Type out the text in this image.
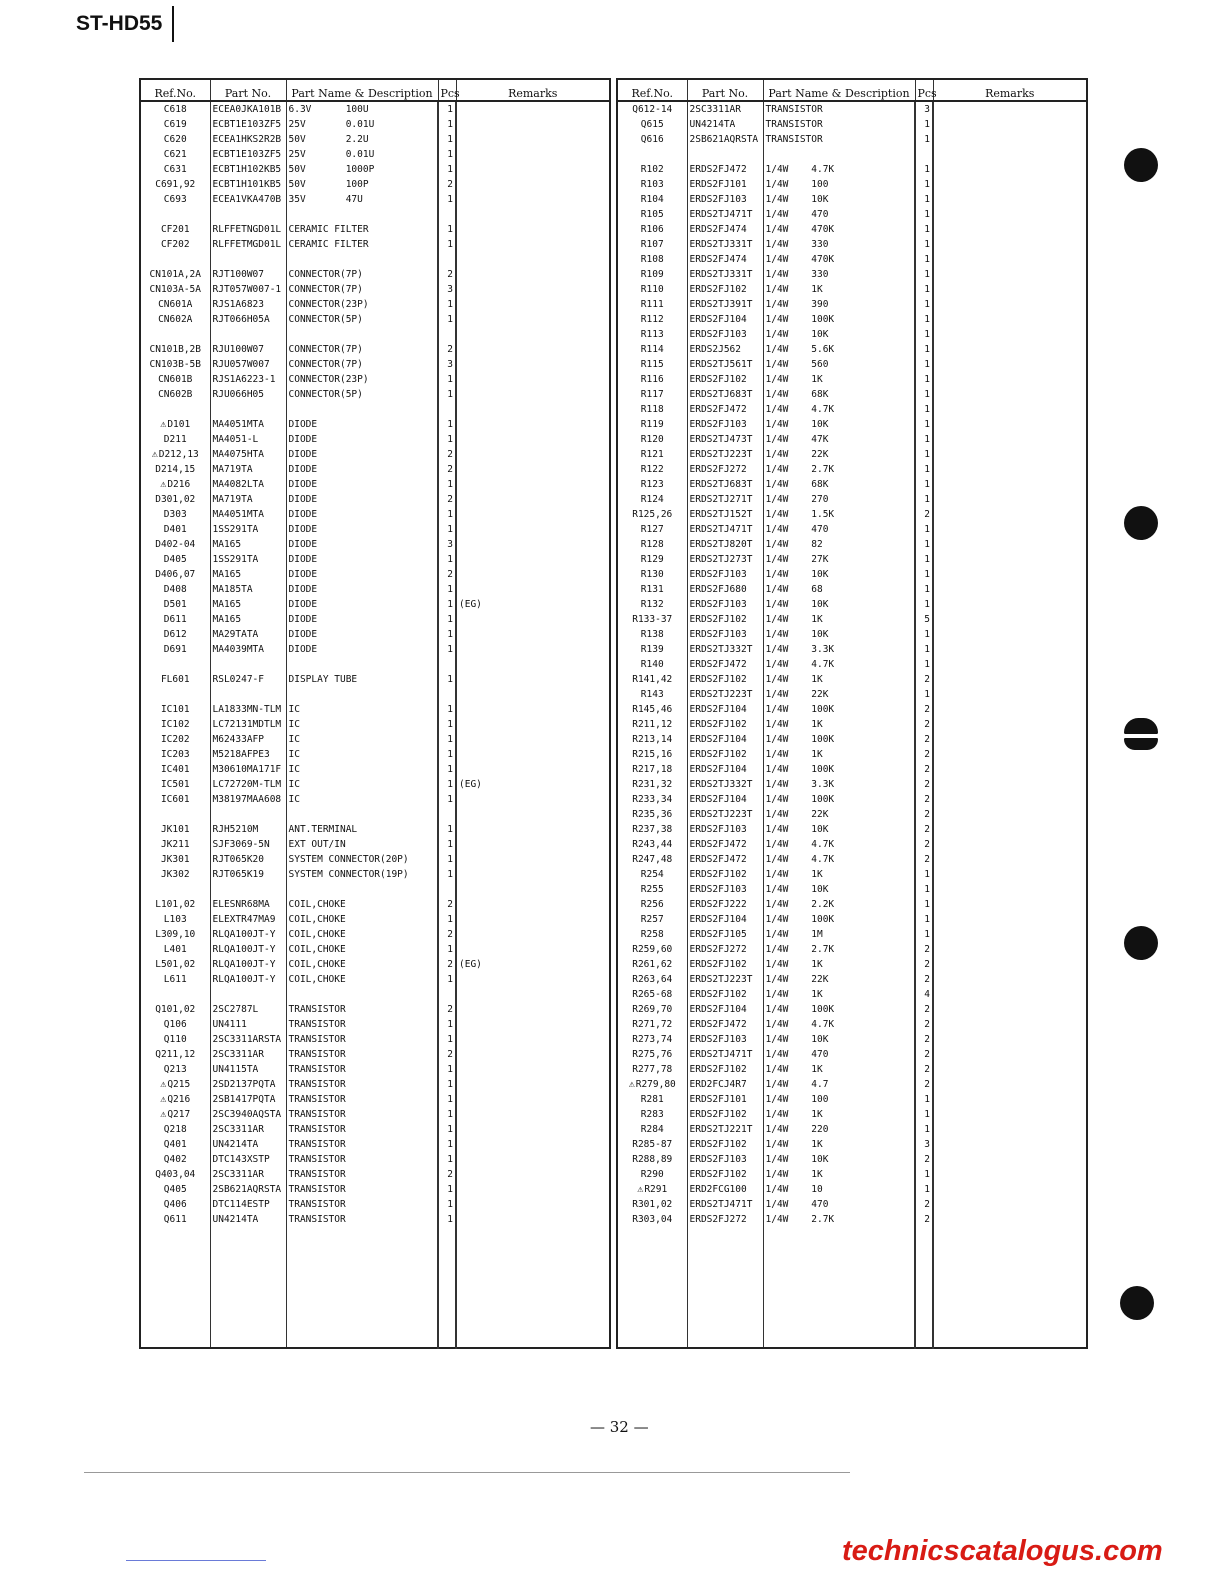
ST-HD55
Ref.No.	Part No.	Part Name & Description	Pcs	Remarks
C618	ECEA0JKA101B	6.3V      100U	1	
C619	ECBT1E103ZF5	25V       0.01U	1	
C620	ECEA1HKS2R2B	50V       2.2U	1	
C621	ECBT1E103ZF5	25V       0.01U	1	
C631	ECBT1H102KB5	50V       1000P	1	
C691,92	ECBT1H101KB5	50V       100P	2	
C693	ECEA1VKA470B	35V       47U	1	

CF201	RLFFETNGD01L	CERAMIC FILTER	1	
CF202	RLFFETMGD01L	CERAMIC FILTER	1	

CN101A,2A	RJT100W07	CONNECTOR(7P)	2	
CN103A-5A	RJT057W007-1	CONNECTOR(7P)	3	
CN601A	RJS1A6823	CONNECTOR(23P)	1	
CN602A	RJT066H05A	CONNECTOR(5P)	1	

CN101B,2B	RJU100W07	CONNECTOR(7P)	2	
CN103B-5B	RJU057W007	CONNECTOR(7P)	3	
CN601B	RJS1A6223-1	CONNECTOR(23P)	1	
CN602B	RJU066H05	CONNECTOR(5P)	1	

⚠D101	MA4051MTA	DIODE	1	
D211	MA4051-L	DIODE	1	
⚠D212,13	MA4075HTA	DIODE	2	
D214,15	MA719TA	DIODE	2	
⚠D216	MA4082LTA	DIODE	1	
D301,02	MA719TA	DIODE	2	
D303	MA4051MTA	DIODE	1	
D401	1SS291TA	DIODE	1	
D402-04	MA165	DIODE	3	
D405	1SS291TA	DIODE	1	
D406,07	MA165	DIODE	2	
D408	MA185TA	DIODE	1	
D501	MA165	DIODE	1	(EG)
D611	MA165	DIODE	1	
D612	MA29TATA	DIODE	1	
D691	MA4039MTA	DIODE	1	

FL601	RSL0247-F	DISPLAY TUBE	1	

IC101	LA1833MN-TLM	IC	1	
IC102	LC72131MDTLM	IC	1	
IC202	M62433AFP	IC	1	
IC203	M5218AFPE3	IC	1	
IC401	M30610MA171F	IC	1	
IC501	LC72720M-TLM	IC	1	(EG)
IC601	M38197MAA608	IC	1	

JK101	RJH5210M	ANT.TERMINAL	1	
JK211	SJF3069-5N	EXT OUT/IN	1	
JK301	RJT065K20	SYSTEM CONNECTOR(20P)	1	
JK302	RJT065K19	SYSTEM CONNECTOR(19P)	1	

L101,02	ELESNR68MA	COIL,CHOKE	2	
L103	ELEXTR47MA9	COIL,CHOKE	1	
L309,10	RLQA100JT-Y	COIL,CHOKE	2	
L401	RLQA100JT-Y	COIL,CHOKE	1	
L501,02	RLQA100JT-Y	COIL,CHOKE	2	(EG)
L611	RLQA100JT-Y	COIL,CHOKE	1	

Q101,02	2SC2787L	TRANSISTOR	2	
Q106	UN4111	TRANSISTOR	1	
Q110	2SC3311ARSTA	TRANSISTOR	1	
Q211,12	2SC3311AR	TRANSISTOR	2	
Q213	UN4115TA	TRANSISTOR	1	
⚠Q215	2SD2137PQTA	TRANSISTOR	1	
⚠Q216	2SB1417PQTA	TRANSISTOR	1	
⚠Q217	2SC3940AQSTA	TRANSISTOR	1	
Q218	2SC3311AR	TRANSISTOR	1	
Q401	UN4214TA	TRANSISTOR	1	
Q402	DTC143XSTP	TRANSISTOR	1	
Q403,04	2SC3311AR	TRANSISTOR	2	
Q405	2SB621AQRSTA	TRANSISTOR	1	
Q406	DTC114ESTP	TRANSISTOR	1	
Q611	UN4214TA	TRANSISTOR	1	

Ref.No.	Part No.	Part Name & Description	Pcs	Remarks
Q612-14	2SC3311AR	TRANSISTOR	3	
Q615	UN4214TA	TRANSISTOR	1	
Q616	2SB621AQRSTA	TRANSISTOR	1	

R102	ERDS2FJ472	1/4W    4.7K	1	
R103	ERDS2FJ101	1/4W    100	1	
R104	ERDS2FJ103	1/4W    10K	1	
R105	ERDS2TJ471T	1/4W    470	1	
R106	ERDS2FJ474	1/4W    470K	1	
R107	ERDS2TJ331T	1/4W    330	1	
R108	ERDS2FJ474	1/4W    470K	1	
R109	ERDS2TJ331T	1/4W    330	1	
R110	ERDS2FJ102	1/4W    1K	1	
R111	ERDS2TJ391T	1/4W    390	1	
R112	ERDS2FJ104	1/4W    100K	1	
R113	ERDS2FJ103	1/4W    10K	1	
R114	ERDS2J562	1/4W    5.6K	1	
R115	ERDS2TJ561T	1/4W    560	1	
R116	ERDS2FJ102	1/4W    1K	1	
R117	ERDS2TJ683T	1/4W    68K	1	
R118	ERDS2FJ472	1/4W    4.7K	1	
R119	ERDS2FJ103	1/4W    10K	1	
R120	ERDS2TJ473T	1/4W    47K	1	
R121	ERDS2TJ223T	1/4W    22K	1	
R122	ERDS2FJ272	1/4W    2.7K	1	
R123	ERDS2TJ683T	1/4W    68K	1	
R124	ERDS2TJ271T	1/4W    270	1	
R125,26	ERDS2TJ152T	1/4W    1.5K	2	
R127	ERDS2TJ471T	1/4W    470	1	
R128	ERDS2TJ820T	1/4W    82	1	
R129	ERDS2TJ273T	1/4W    27K	1	
R130	ERDS2FJ103	1/4W    10K	1	
R131	ERDS2FJ680	1/4W    68	1	
R132	ERDS2FJ103	1/4W    10K	1	
R133-37	ERDS2FJ102	1/4W    1K	5	
R138	ERDS2FJ103	1/4W    10K	1	
R139	ERDS2TJ332T	1/4W    3.3K	1	
R140	ERDS2FJ472	1/4W    4.7K	1	
R141,42	ERDS2FJ102	1/4W    1K	2	
R143	ERDS2TJ223T	1/4W    22K	1	
R145,46	ERDS2FJ104	1/4W    100K	2	
R211,12	ERDS2FJ102	1/4W    1K	2	
R213,14	ERDS2FJ104	1/4W    100K	2	
R215,16	ERDS2FJ102	1/4W    1K	2	
R217,18	ERDS2FJ104	1/4W    100K	2	
R231,32	ERDS2TJ332T	1/4W    3.3K	2	
R233,34	ERDS2FJ104	1/4W    100K	2	
R235,36	ERDS2TJ223T	1/4W    22K	2	
R237,38	ERDS2FJ103	1/4W    10K	2	
R243,44	ERDS2FJ472	1/4W    4.7K	2	
R247,48	ERDS2FJ472	1/4W    4.7K	2	
R254	ERDS2FJ102	1/4W    1K	1	
R255	ERDS2FJ103	1/4W    10K	1	
R256	ERDS2FJ222	1/4W    2.2K	1	
R257	ERDS2FJ104	1/4W    100K	1	
R258	ERDS2FJ105	1/4W    1M	1	
R259,60	ERDS2FJ272	1/4W    2.7K	2	
R261,62	ERDS2FJ102	1/4W    1K	2	
R263,64	ERDS2TJ223T	1/4W    22K	2	
R265-68	ERDS2FJ102	1/4W    1K	4	
R269,70	ERDS2FJ104	1/4W    100K	2	
R271,72	ERDS2FJ472	1/4W    4.7K	2	
R273,74	ERDS2FJ103	1/4W    10K	2	
R275,76	ERDS2TJ471T	1/4W    470	2	
R277,78	ERDS2FJ102	1/4W    1K	2	
⚠R279,80	ERD2FCJ4R7	1/4W    4.7	2	
R281	ERDS2FJ101	1/4W    100	1	
R283	ERDS2FJ102	1/4W    1K	1	
R284	ERDS2TJ221T	1/4W    220	1	
R285-87	ERDS2FJ102	1/4W    1K	3	
R288,89	ERDS2FJ103	1/4W    10K	2	
R290	ERDS2FJ102	1/4W    1K	1	
⚠R291	ERD2FCG100	1/4W    10	1	
R301,02	ERDS2TJ471T	1/4W    470	2	
R303,04	ERDS2FJ272	1/4W    2.7K	2	

— 32 —
technicscatalogus.com
